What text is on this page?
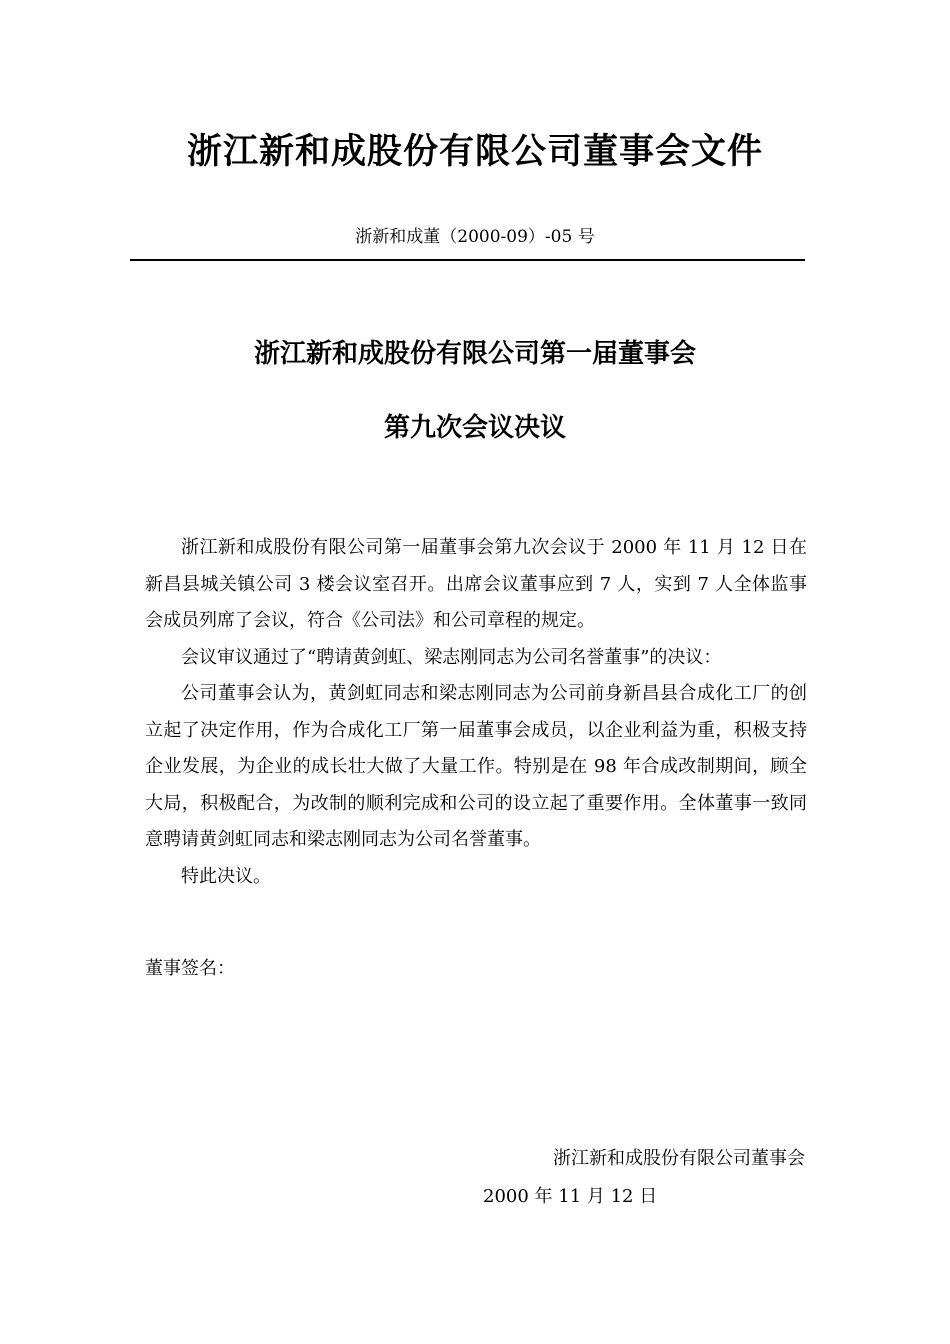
浙江新和成股份有限公司董事会文件
浙新和成董（2000-09）-05 号
浙江新和成股份有限公司第一届董事会
第九次会议决议

浙江新和成股份有限公司第一届董事会第九次会议于 2000 年 11 月 12 日在新昌县城关镇公司 3 楼会议室召开。出席会议董事应到 7 人，实到 7 人全体监事会成员列席了会议，符合《公司法》和公司章程的规定。

会议审议通过了“聘请黄剑虹、梁志刚同志为公司名誉董事”的决议：

公司董事会认为，黄剑虹同志和梁志刚同志为公司前身新昌县合成化工厂的创立起了决定作用，作为合成化工厂第一届董事会成员，以企业利益为重，积极支持企业发展，为企业的成长壮大做了大量工作。特别是在 98 年合成改制期间，顾全大局，积极配合，为改制的顺利完成和公司的设立起了重要作用。全体董事一致同意聘请黄剑虹同志和梁志刚同志为公司名誉董事。

特此决议。

董事签名：
浙江新和成股份有限公司董事会
2000 年 11 月 12 日
